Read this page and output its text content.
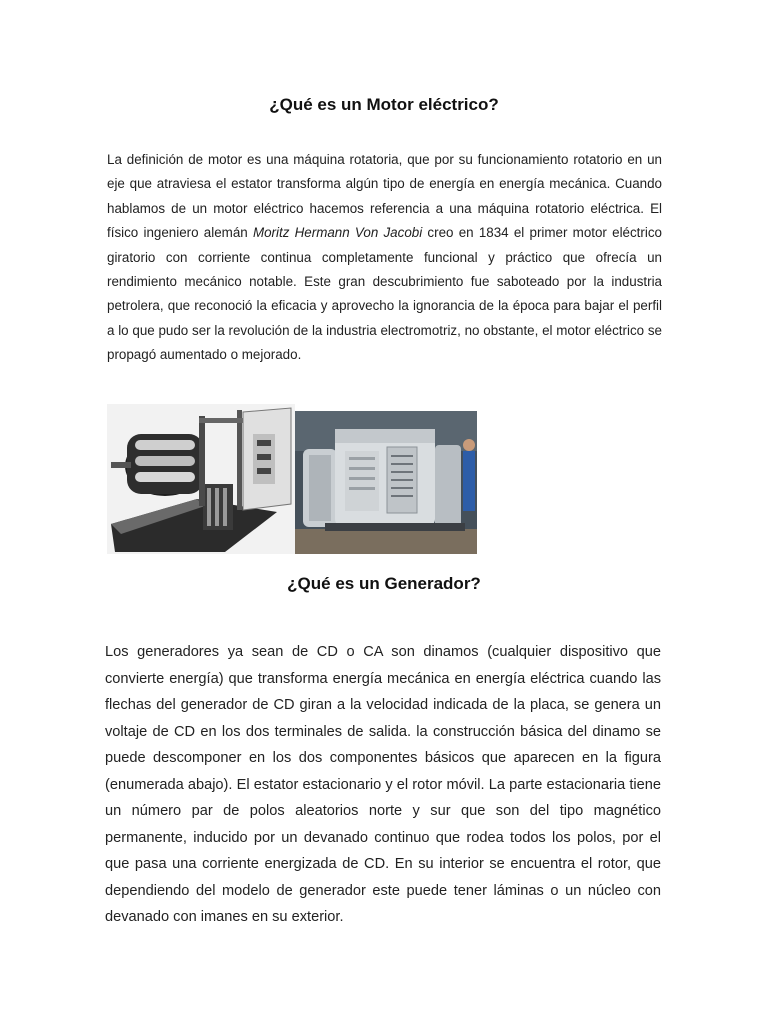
¿Qué es un Motor eléctrico?
La definición de motor es una máquina rotatoria, que por su funcionamiento rotatorio en un eje que atraviesa el estator transforma algún tipo de energía en energía mecánica. Cuando hablamos de un motor eléctrico hacemos referencia a una máquina rotatorio eléctrica. El físico ingeniero alemán Moritz Hermann Von Jacobi creo en 1834 el primer motor eléctrico giratorio con corriente continua completamente funcional y práctico que ofrecía un rendimiento mecánico notable. Este gran descubrimiento fue saboteado por la industria petrolera, que reconoció la eficacia y aprovecho la ignorancia de la época para bajar el perfil a lo que pudo ser la revolución de la industria electromotriz, no obstante, el motor eléctrico se propagó aumentado o mejorado.
¿Qué es un Generador?
Los generadores ya sean de CD o CA son dinamos (cualquier dispositivo que convierte energía) que transforma energía mecánica en energía eléctrica cuando las flechas del generador de CD giran a la velocidad indicada de la placa, se genera un voltaje de CD en los dos terminales de salida. la construcción básica del dinamo se puede descomponer en los dos componentes básicos que aparecen en la figura (enumerada abajo). El estator estacionario y el rotor móvil. La parte estacionaria tiene un número par de polos aleatorios norte y sur que son del tipo magnético permanente, inducido por un devanado continuo que rodea todos los polos, por el que pasa una corriente energizada de CD. En su interior se encuentra el rotor, que dependiendo del modelo de generador este puede tener láminas o un núcleo con devanado con imanes en su exterior.
